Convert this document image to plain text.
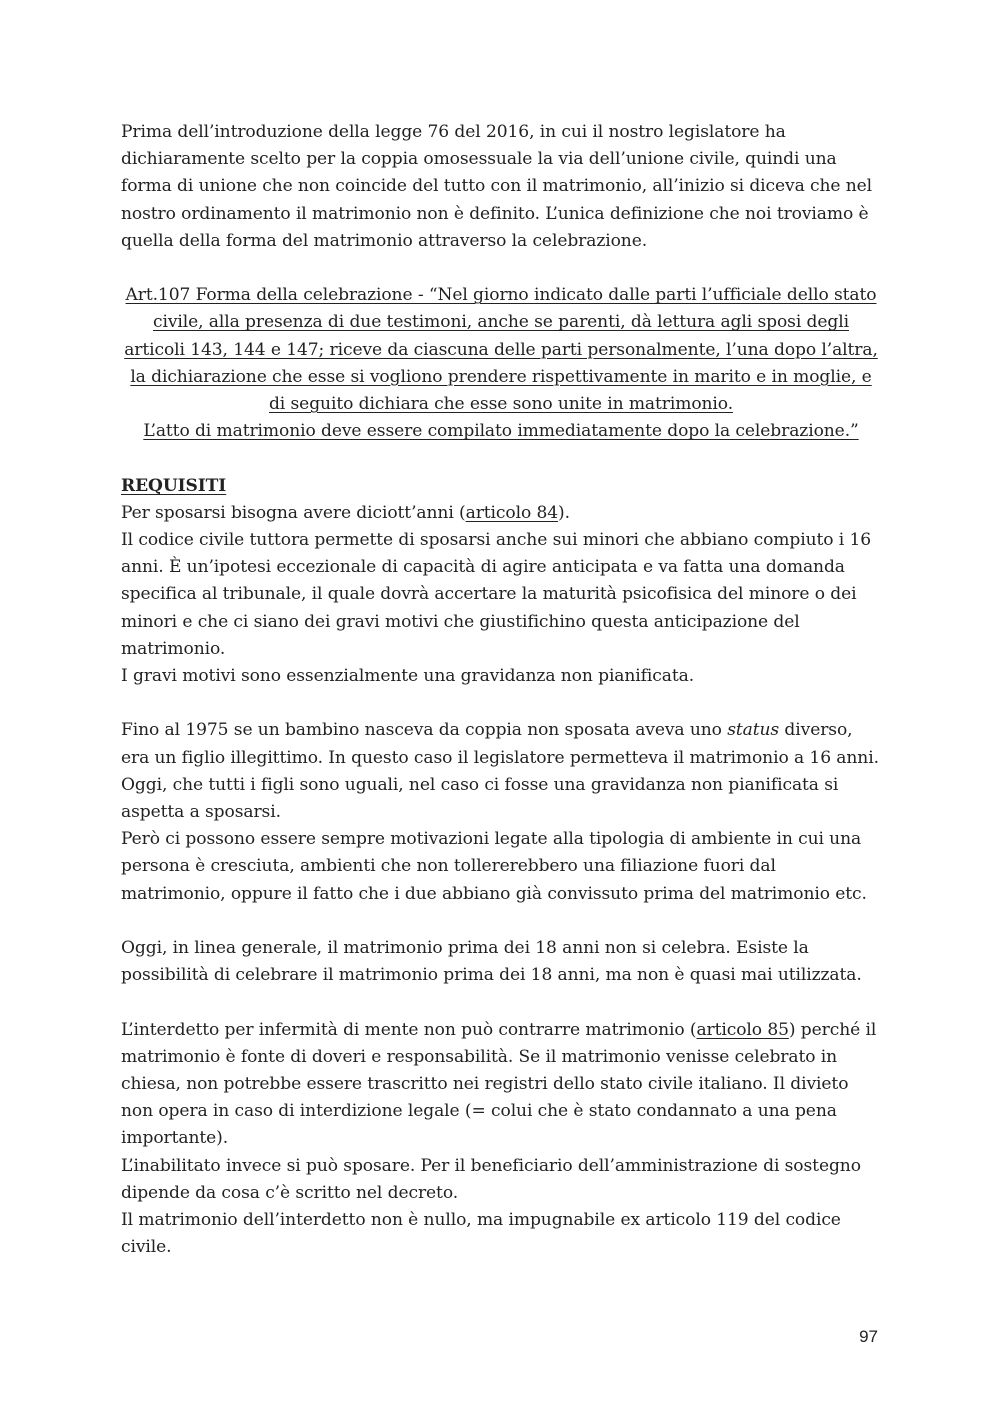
Prima dell’introduzione della legge 76 del 2016, in cui il nostro legislatore ha dichiaramente scelto per la coppia omosessuale la via dell’unione civile, quindi una forma di unione che non coincide del tutto con il matrimonio, all’inizio si diceva che nel nostro ordinamento il matrimonio non è definito. L’unica definizione che noi troviamo è quella della forma del matrimonio attraverso la celebrazione.

Art.107 Forma della celebrazione - “Nel giorno indicato dalle parti l’ufficiale dello stato civile, alla presenza di due testimoni, anche se parenti, dà lettura agli sposi degli articoli 143, 144 e 147; riceve da ciascuna delle parti personalmente, l’una dopo l’altra, la dichiarazione che esse si vogliono prendere rispettivamente in marito e in moglie, e di seguito dichiara che esse sono unite in matrimonio.

L’atto di matrimonio deve essere compilato immediatamente dopo la celebrazione.”

REQUISITI

Per sposarsi bisogna avere diciott’anni (articolo 84).

Il codice civile tuttora permette di sposarsi anche sui minori che abbiano compiuto i 16 anni. È un’ipotesi eccezionale di capacità di agire anticipata e va fatta una domanda specifica al tribunale, il quale dovrà accertare la maturità psicofisica del minore o dei minori e che ci siano dei gravi motivi che giustifichino questa anticipazione del matrimonio.

I gravi motivi sono essenzialmente una gravidanza non pianificata.

Fino al 1975 se un bambino nasceva da coppia non sposata aveva uno status diverso, era un figlio illegittimo. In questo caso il legislatore permetteva il matrimonio a 16 anni.

Oggi, che tutti i figli sono uguali, nel caso ci fosse una gravidanza non pianificata si aspetta a sposarsi.

Però ci possono essere sempre motivazioni legate alla tipologia di ambiente in cui una persona è cresciuta, ambienti che non tollererebbero una filiazione fuori dal matrimonio, oppure il fatto che i due abbiano già convissuto prima del matrimonio etc.

Oggi, in linea generale, il matrimonio prima dei 18 anni non si celebra. Esiste la possibilità di celebrare il matrimonio prima dei 18 anni, ma non è quasi mai utilizzata.

L’interdetto per infermità di mente non può contrarre matrimonio (articolo 85) perché il matrimonio è fonte di doveri e responsabilità. Se il matrimonio venisse celebrato in chiesa, non potrebbe essere trascritto nei registri dello stato civile italiano. Il divieto non opera in caso di interdizione legale (= colui che è stato condannato a una pena importante).

L’inabilitato invece si può sposare. Per il beneficiario dell’amministrazione di sostegno dipende da cosa c’è scritto nel decreto.

Il matrimonio dell’interdetto non è nullo, ma impugnabile ex articolo 119 del codice civile.

97
